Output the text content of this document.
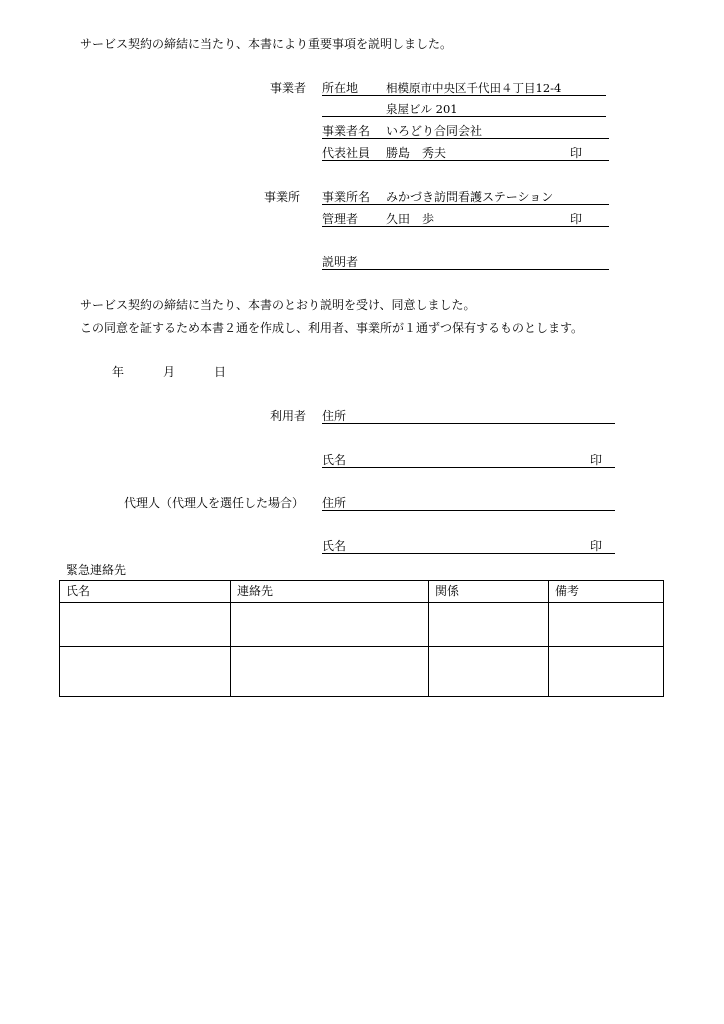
サービス契約の締結に当たり、本書により重要事項を説明しました。
事業者 所在地 相模原市中央区千代田４丁目12-4
泉屋ビル 201
事業者名 いろどり合同会社
代表社員 勝島　秀夫	印
事業所 事業所名 みかづき訪問看護ステーション
管理者 久田　歩	印
説明者
サービス契約の締結に当たり、本書のとおり説明を受け、同意しました。
この同意を証するため本書２通を作成し、利用者、事業所が１通ずつ保有するものとします。
年	月	日
利用者 住所
氏名	印
代理人（代理人を選任した場合） 住所
氏名	印
緊急連絡先
氏名	連絡先	関係	備考
